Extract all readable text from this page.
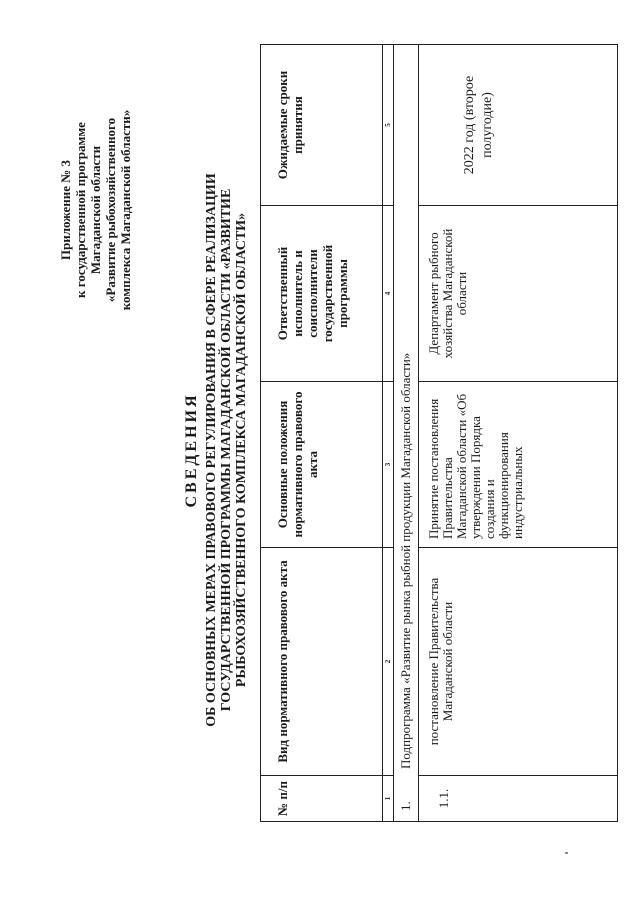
Приложение № 3 к государственной программе Магаданской области «Развитие рыбохозяйственного комплекса Магаданской области»
СВЕДЕНИЯ ОБ ОСНОВНЫХ МЕРАХ ПРАВОВОГО РЕГУЛИРОВАНИЯ В СФЕРЕ РЕАЛИЗАЦИИ ГОСУДАРСТВЕННОЙ ПРОГРАММЫ МАГАДАНСКОЙ ОБЛАСТИ «РАЗВИТИЕ РЫБОХОЗЯЙСТВЕННОГО КОМПЛЕКСА МАГАДАНСКОЙ ОБЛАСТИ»
№ п/п	Вид нормативного правового акта	Основные положения нормативного правового акта	Ответственный исполнитель и соисполнители государственной программы	Ожидаемые сроки принятия
1	2	3	4	5
1.Подпрограмма «Развитие рынка рыбной продукции Магаданской области»				
1.1.	постановление Правительства Магаданской области	Принятие постановления Правительства Магаданской области «Об утверждении Порядка создания и функционирования индустриальных	Департамент рыбного хозяйства Магаданской области	2022 год (второе полугодие)
